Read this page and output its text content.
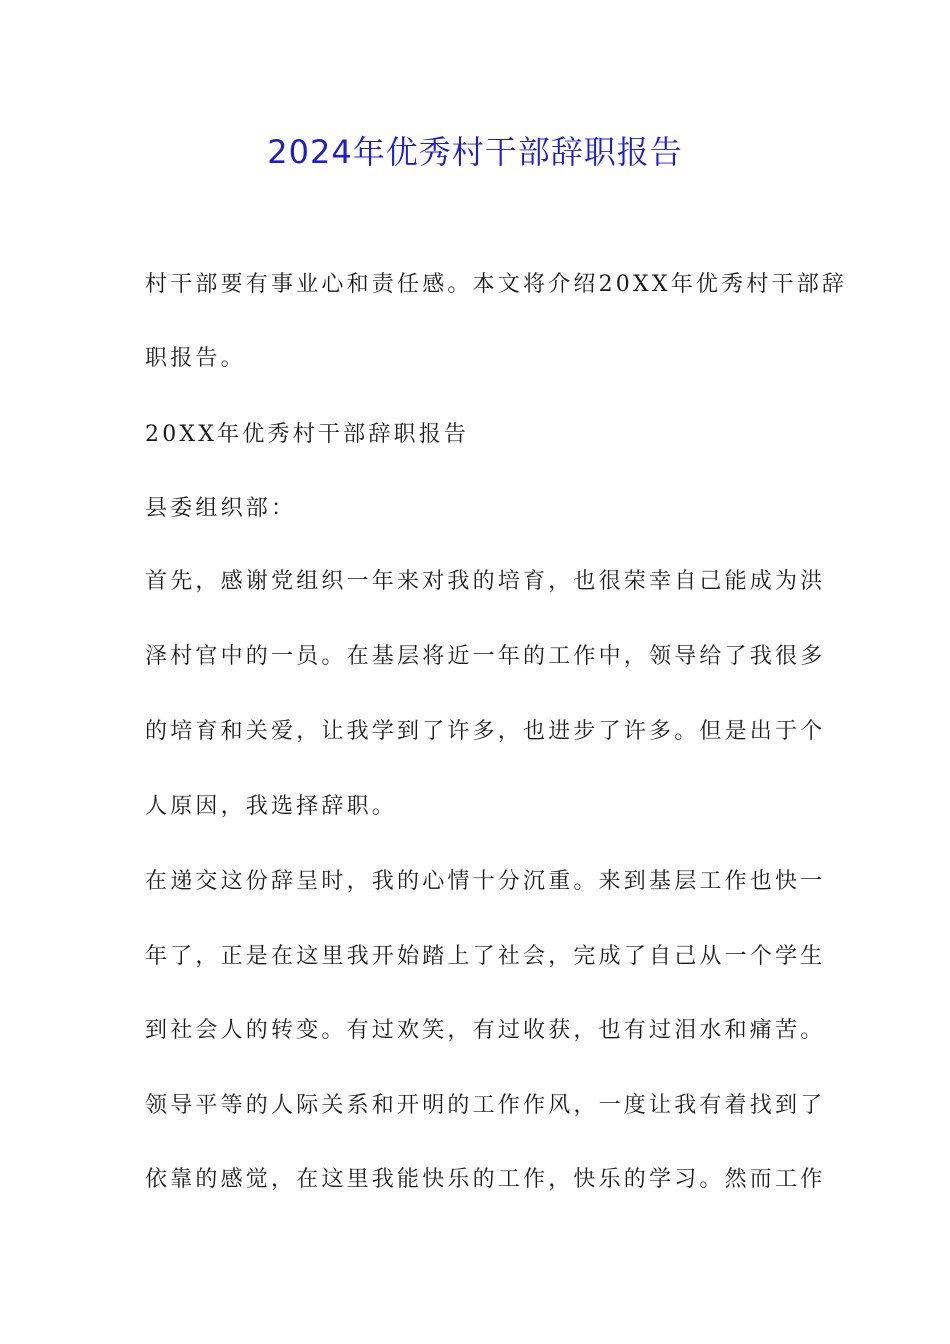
2024年优秀村干部辞职报告
村干部要有事业心和责任感。本文将介绍20XX年优秀村干部辞
职报告。
20XX年优秀村干部辞职报告
县委组织部：
首先，感谢党组织一年来对我的培育，也很荣幸自己能成为洪
泽村官中的一员。在基层将近一年的工作中，领导给了我很多
的培育和关爱，让我学到了许多，也进步了许多。但是出于个
人原因，我选择辞职。
在递交这份辞呈时，我的心情十分沉重。来到基层工作也快一
年了，正是在这里我开始踏上了社会，完成了自己从一个学生
到社会人的转变。有过欢笑，有过收获，也有过泪水和痛苦。
领导平等的人际关系和开明的工作作风，一度让我有着找到了
依靠的感觉，在这里我能快乐的工作，快乐的学习。然而工作
